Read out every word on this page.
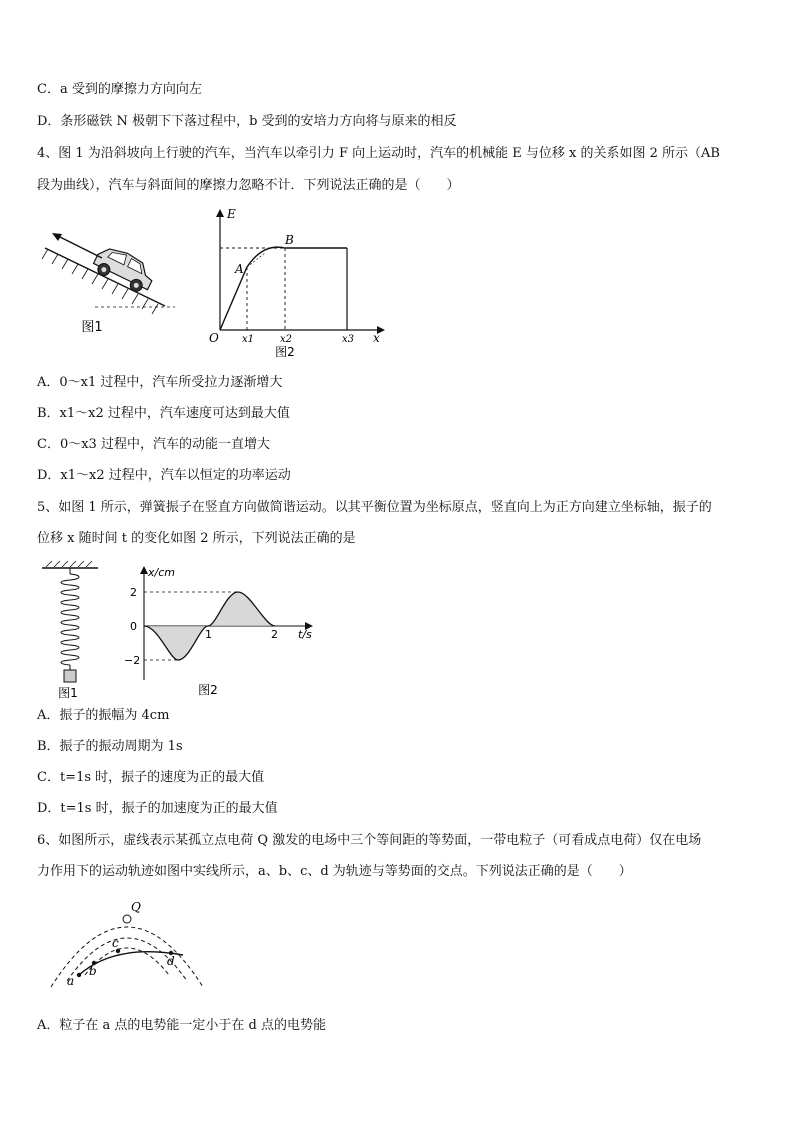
C．a 受到的摩擦力方向向左
D．条形磁铁 N 极朝下下落过程中，b 受到的安培力方向将与原来的相反
4、图 1 为沿斜坡向上行驶的汽车，当汽车以牵引力 F 向上运动时，汽车的机械能 E 与位移 x 的关系如图 2 所示（AB
段为曲线），汽车与斜面间的摩擦力忽略不计．下列说法正确的是（　　）
图1
E
O
A
B
x1	x2	x3 x
图2
A．0～x1 过程中，汽车所受拉力逐渐增大
B．x1～x2 过程中，汽车速度可达到最大值
C．0～x3 过程中，汽车的动能一直增大
D．x1～x2 过程中，汽车以恒定的功率运动
5、如图 1 所示，弹簧振子在竖直方向做简谐运动。以其平衡位置为坐标原点，竖直向上为正方向建立坐标轴，振子的
位移 x 随时间 t 的变化如图 2 所示，下列说法正确的是
图1
x/cm
t/s
2
0
−2
1	2
图2
A．振子的振幅为 4cm
B．振子的振动周期为 1s
C．t=1s 时，振子的速度为正的最大值
D．t=1s 时，振子的加速度为正的最大值
6、如图所示，虚线表示某孤立点电荷 Q 激发的电场中三个等间距的等势面，一带电粒子（可看成点电荷）仅在电场
力作用下的运动轨迹如图中实线所示，a、b、c、d 为轨迹与等势面的交点。下列说法正确的是（　　）
Q
a
b
c
d
A．粒子在 a 点的电势能一定小于在 d 点的电势能
